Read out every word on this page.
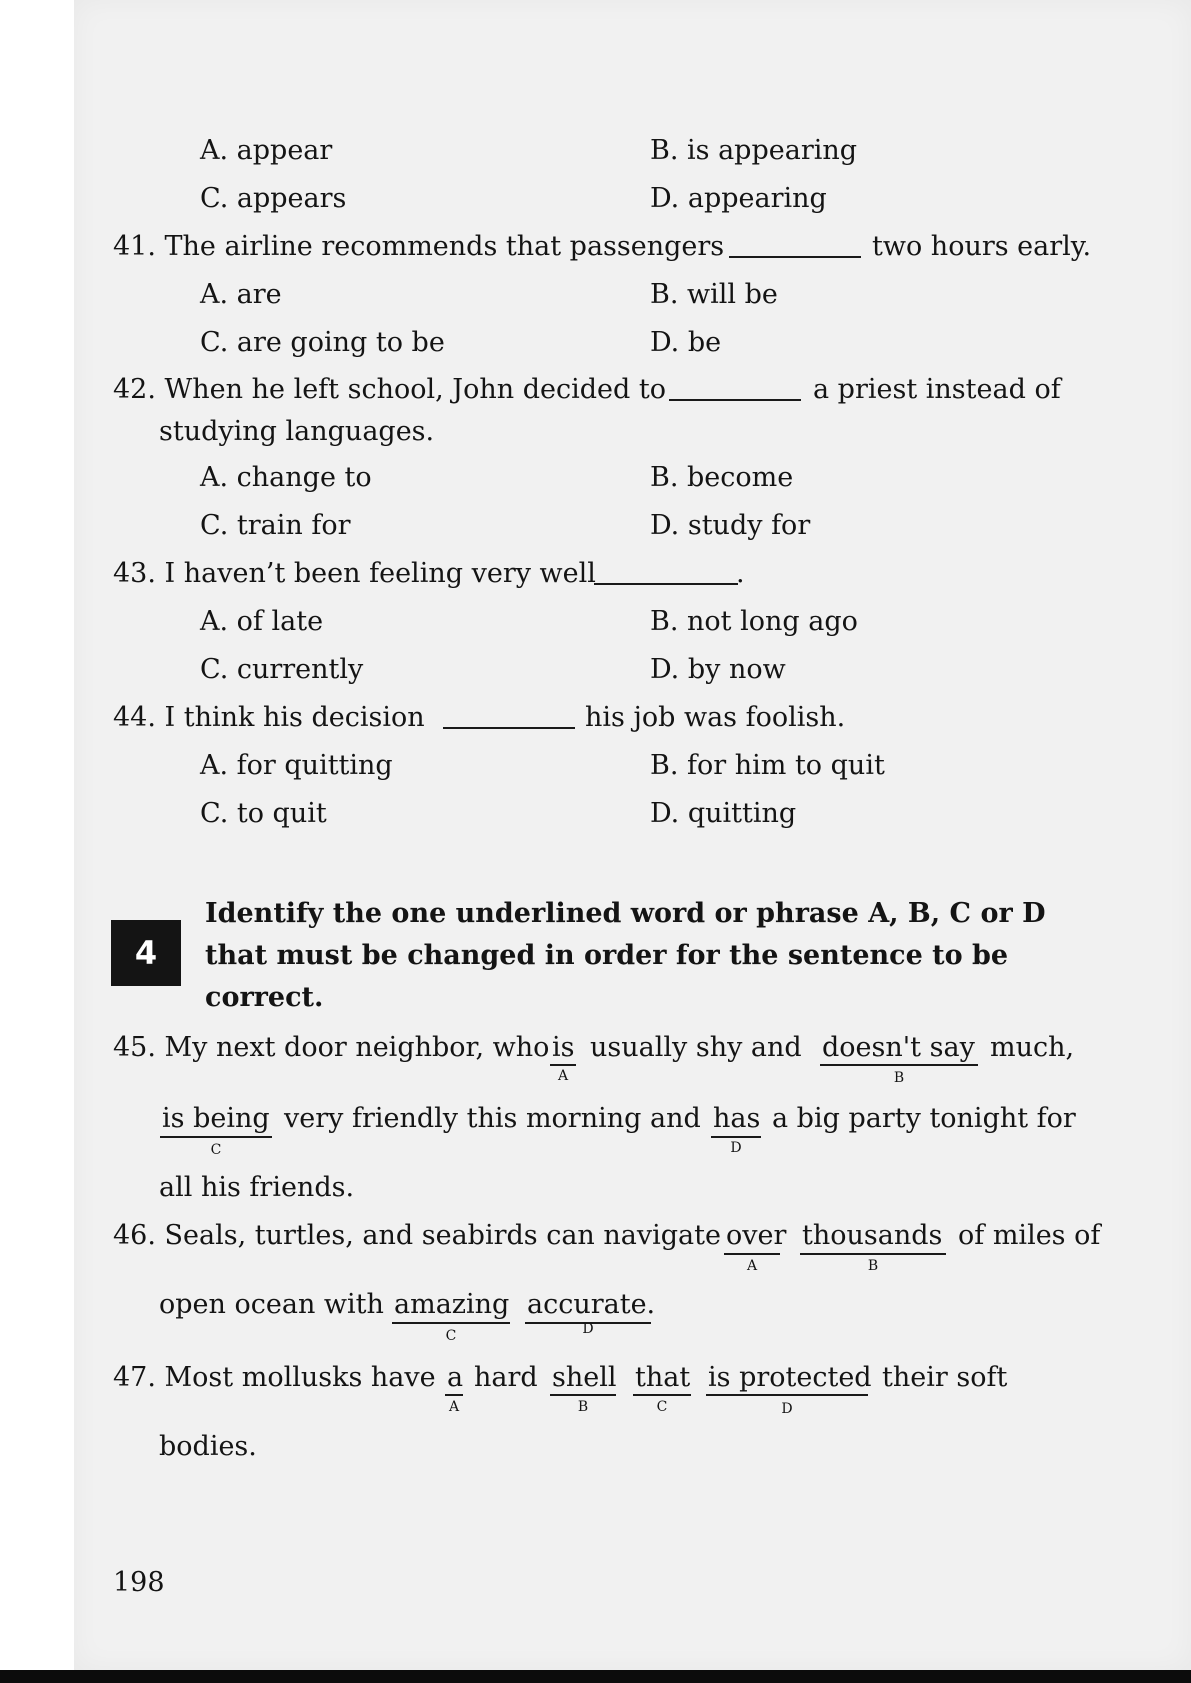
A. appear	B. is appearing
C. appears	D. appearing
41. The airline recommends that passengers	two hours early.
A. are	B. will be
C. are going to be	D. be
42. When he left school, John decided to	a priest instead of
studying languages.
A. change to	B. become
C. train for	D. study for
43. I haven’t been feeling very well	.
A. of late	B. not long ago
C. currently	D. by now
44. I think his decision	his job was foolish.
A. for quitting	B. for him to quit
C. to quit	D. quitting
4
Identify the one underlined word or phrase A, B, C or D
that must be changed in order for the sentence to be
correct.
45. My next door neighbor, who is
A
usually shy and doesn't say
B
much,
is being
C
very friendly this morning and has
D
a big party tonight for
all his friends.
46. Seals, turtles, and seabirds can navigate over
A
thousands
B
of miles of
open ocean with amazing
C
accurate.
D
47. Most mollusks have a
A
hard shell
B
that
C
is protected
D
their soft
bodies.
198
